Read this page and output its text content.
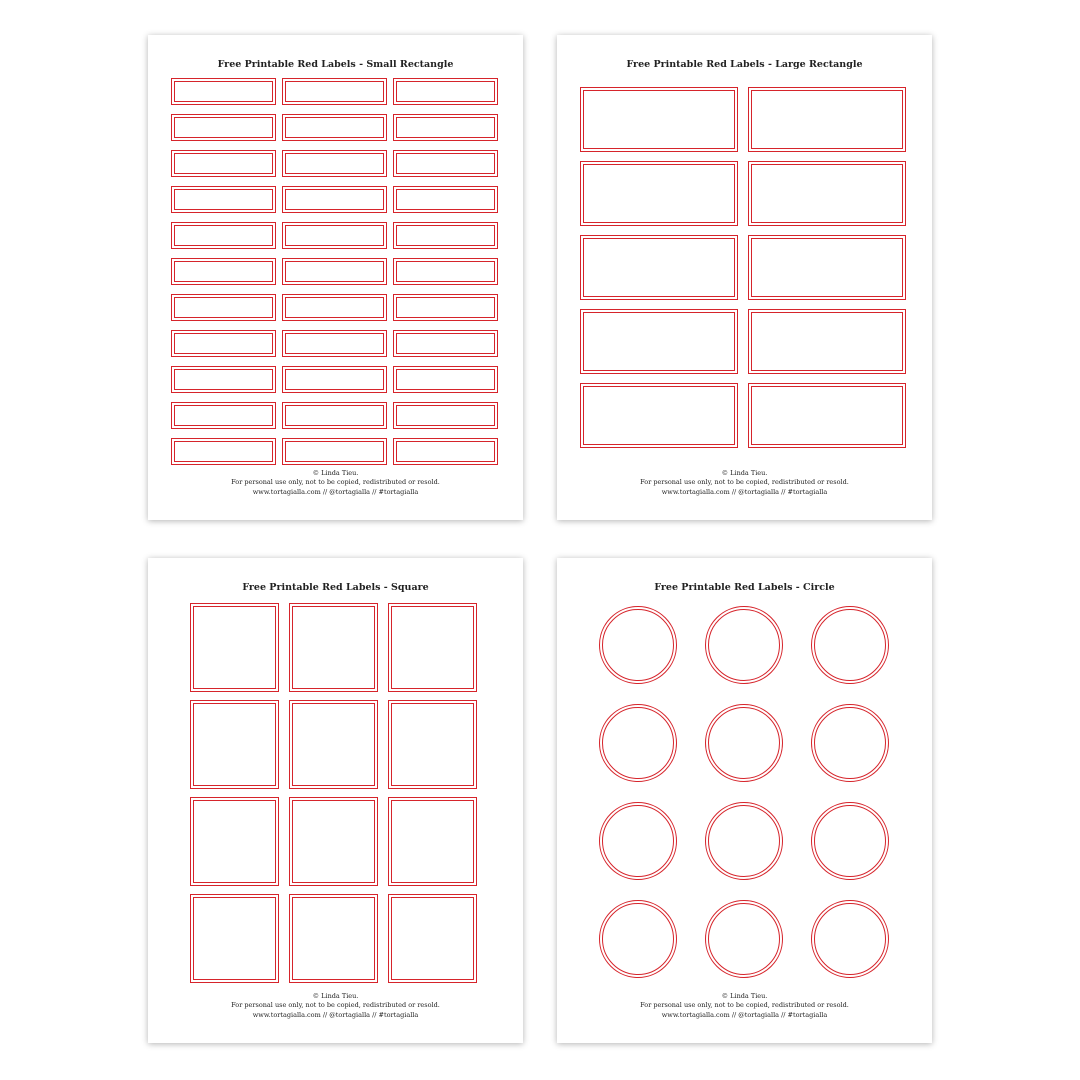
Free Printable Red Labels - Small Rectangle
© Linda Tieu.
For personal use only, not to be copied, redistributed or resold.
www.tortagialla.com // @tortagialla // #tortagialla
Free Printable Red Labels - Large Rectangle
© Linda Tieu.
For personal use only, not to be copied, redistributed or resold.
www.tortagialla.com // @tortagialla // #tortagialla
Free Printable Red Labels - Square
© Linda Tieu.
For personal use only, not to be copied, redistributed or resold.
www.tortagialla.com // @tortagialla // #tortagialla
Free Printable Red Labels - Circle
© Linda Tieu.
For personal use only, not to be copied, redistributed or resold.
www.tortagialla.com // @tortagialla // #tortagialla
